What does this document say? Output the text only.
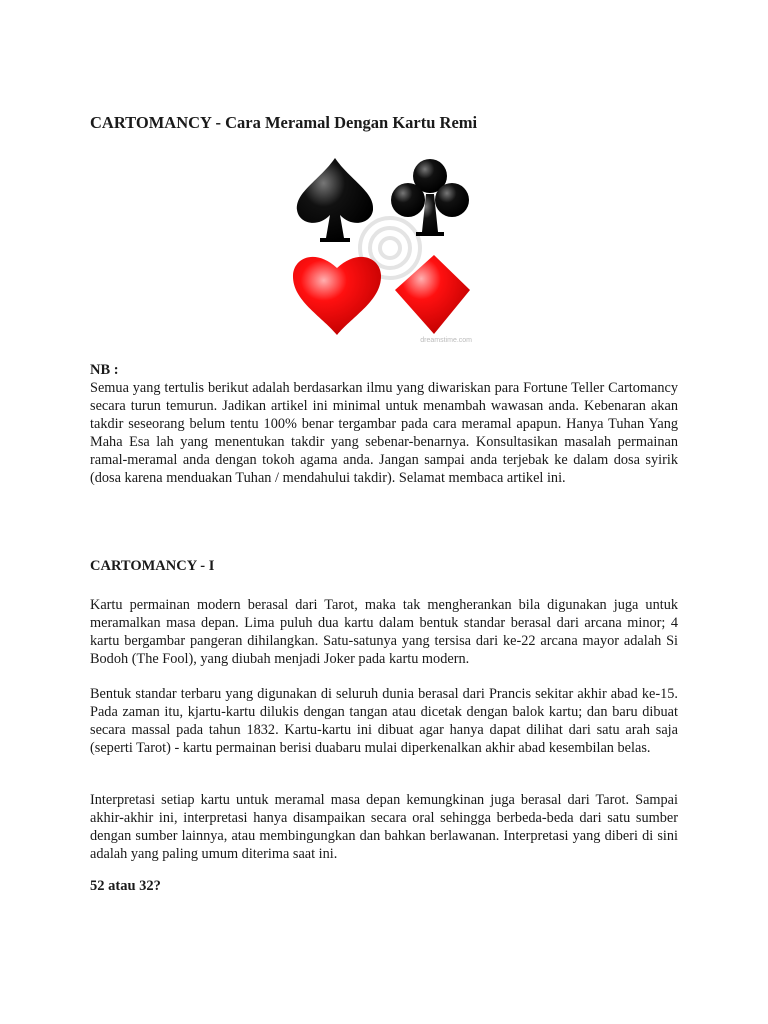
CARTOMANCY - Cara Meramal Dengan Kartu Remi
dreamstime.com
NB :

Semua yang tertulis berikut adalah berdasarkan ilmu yang diwariskan para Fortune Teller Cartomancy secara turun temurun. Jadikan artikel ini minimal untuk menambah wawasan anda. Kebenaran akan takdir seseorang belum tentu 100% benar tergambar pada cara meramal apapun. Hanya Tuhan Yang Maha Esa lah yang menentukan takdir yang sebenar-benarnya. Konsultasikan masalah permainan ramal-meramal anda dengan tokoh agama anda. Jangan sampai anda terjebak ke dalam dosa syirik (dosa karena menduakan Tuhan / mendahului takdir). Selamat membaca artikel ini.

CARTOMANCY - I

Kartu permainan modern berasal dari Tarot, maka tak mengherankan bila digunakan juga untuk meramalkan masa depan. Lima puluh dua kartu dalam bentuk standar berasal dari arcana minor; 4 kartu bergambar pangeran dihilangkan. Satu-satunya yang tersisa dari ke-22 arcana mayor adalah Si Bodoh (The Fool), yang diubah menjadi Joker pada kartu modern.

Bentuk standar terbaru yang digunakan di seluruh dunia berasal dari Prancis sekitar akhir abad ke-15. Pada zaman itu, kjartu-kartu dilukis dengan tangan atau dicetak dengan balok kartu; dan baru dibuat secara massal pada tahun 1832. Kartu-kartu ini dibuat agar hanya dapat dilihat dari satu arah saja (seperti Tarot) - kartu permainan berisi duabaru mulai diperkenalkan akhir abad kesembilan belas.

Interpretasi setiap kartu untuk meramal masa depan kemungkinan juga berasal dari Tarot. Sampai akhir-akhir ini, interpretasi hanya disampaikan secara oral sehingga berbeda-beda dari satu sumber dengan sumber lainnya, atau membingungkan dan bahkan berlawanan. Interpretasi yang diberi di sini adalah yang paling umum diterima saat ini.

52 atau 32?
